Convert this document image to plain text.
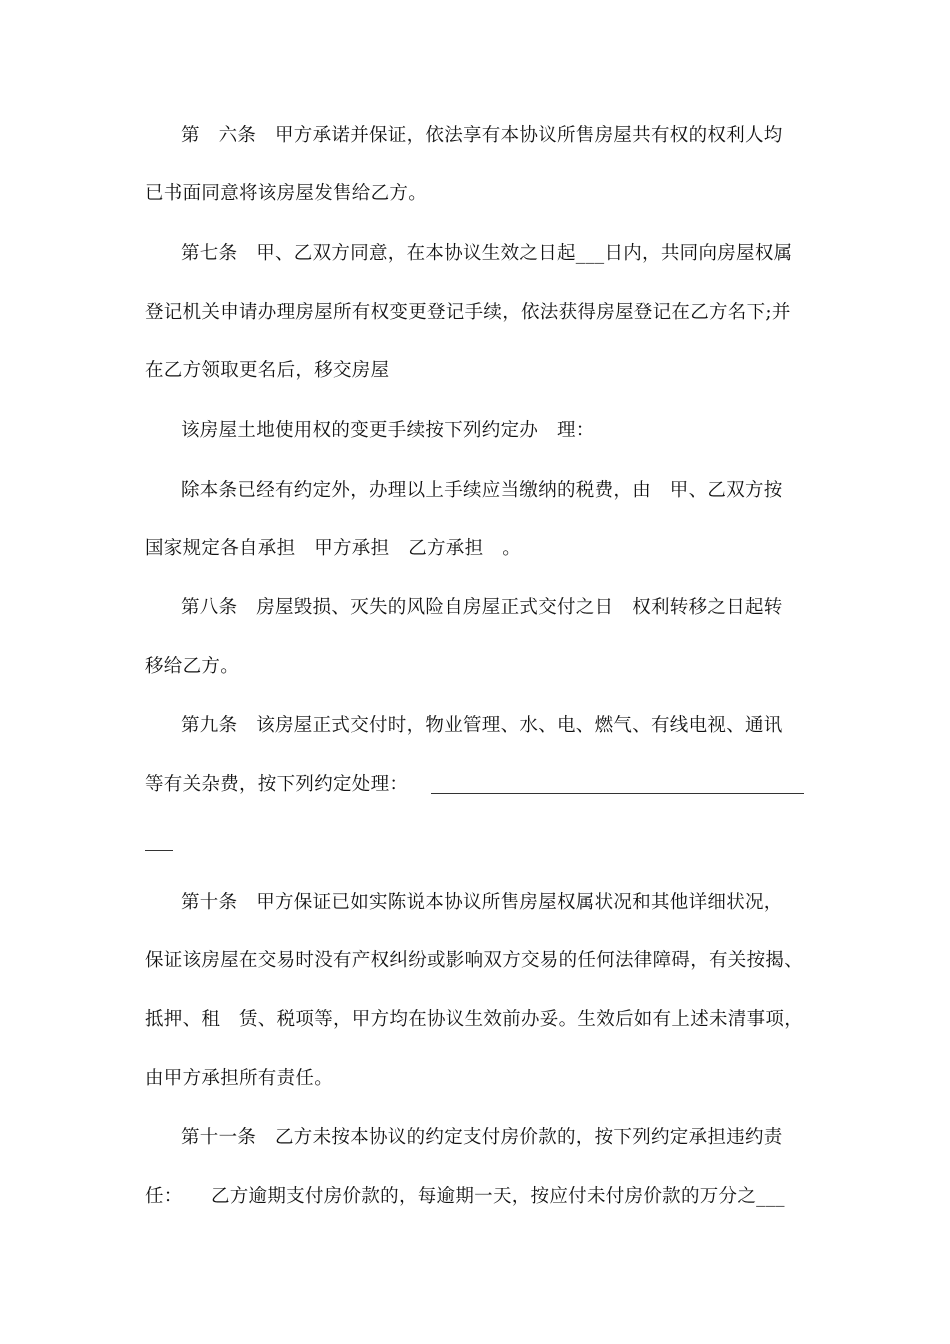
第　六条　甲方承诺并保证，依法享有本协议所售房屋共有权的权利人均
已书面同意将该房屋发售给乙方。
第七条　甲、乙双方同意，在本协议生效之日起___日内，共同向房屋权属
登记机关申请办理房屋所有权变更登记手续，依法获得房屋登记在乙方名下;并
在乙方领取更名后，移交房屋
该房屋土地使用权的变更手续按下列约定办　理：
除本条已经有约定外，办理以上手续应当缴纳的税费，由　甲、乙双方按
国家规定各自承担　甲方承担　乙方承担　。
第八条　房屋毁损、灭失的风险自房屋正式交付之日　权利转移之日起转
移给乙方。
第九条　该房屋正式交付时，物业管理、水、电、燃气、有线电视、通讯
等有关杂费，按下列约定处理：
第十条　甲方保证已如实陈说本协议所售房屋权属状况和其他详细状况，
保证该房屋在交易时没有产权纠纷或影响双方交易的任何法律障碍，有关按揭、
抵押、租　赁、税项等，甲方均在协议生效前办妥。生效后如有上述未清事项，
由甲方承担所有责任。
第十一条　乙方未按本协议的约定支付房价款的，按下列约定承担违约责
任：　　乙方逾期支付房价款的，每逾期一天，按应付未付房价款的万分之___
